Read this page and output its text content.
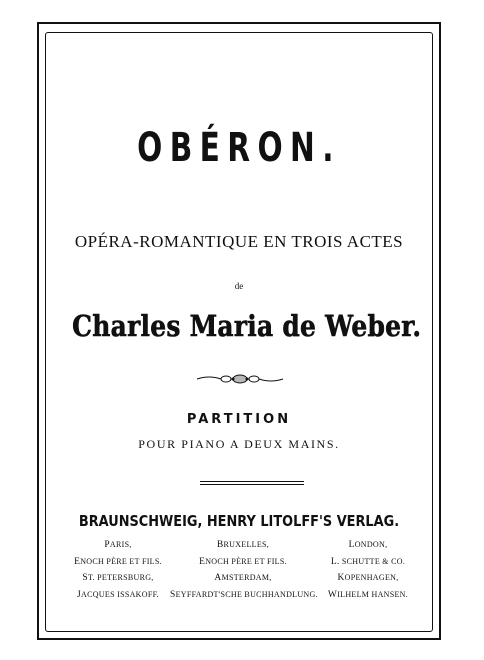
OBÉRON.
OPÉRA-ROMANTIQUE EN TROIS ACTES
de
Charles Maria de Weber.
PARTITION
POUR PIANO A DEUX MAINS.
BRAUNSCHWEIG, HENRY LITOLFF'S VERLAG.
PARIS,
ENOCH PÈRE ET FILS.
ST. PETERSBURG,
JACQUES ISSAKOFF.
BRUXELLES,
ENOCH PÈRE ET FILS.
AMSTERDAM,
SEYFFARDT'SCHE BUCHHANDLUNG.
LONDON,
L. SCHUTTE & CO.
KOPENHAGEN,
WILHELM HANSEN.
